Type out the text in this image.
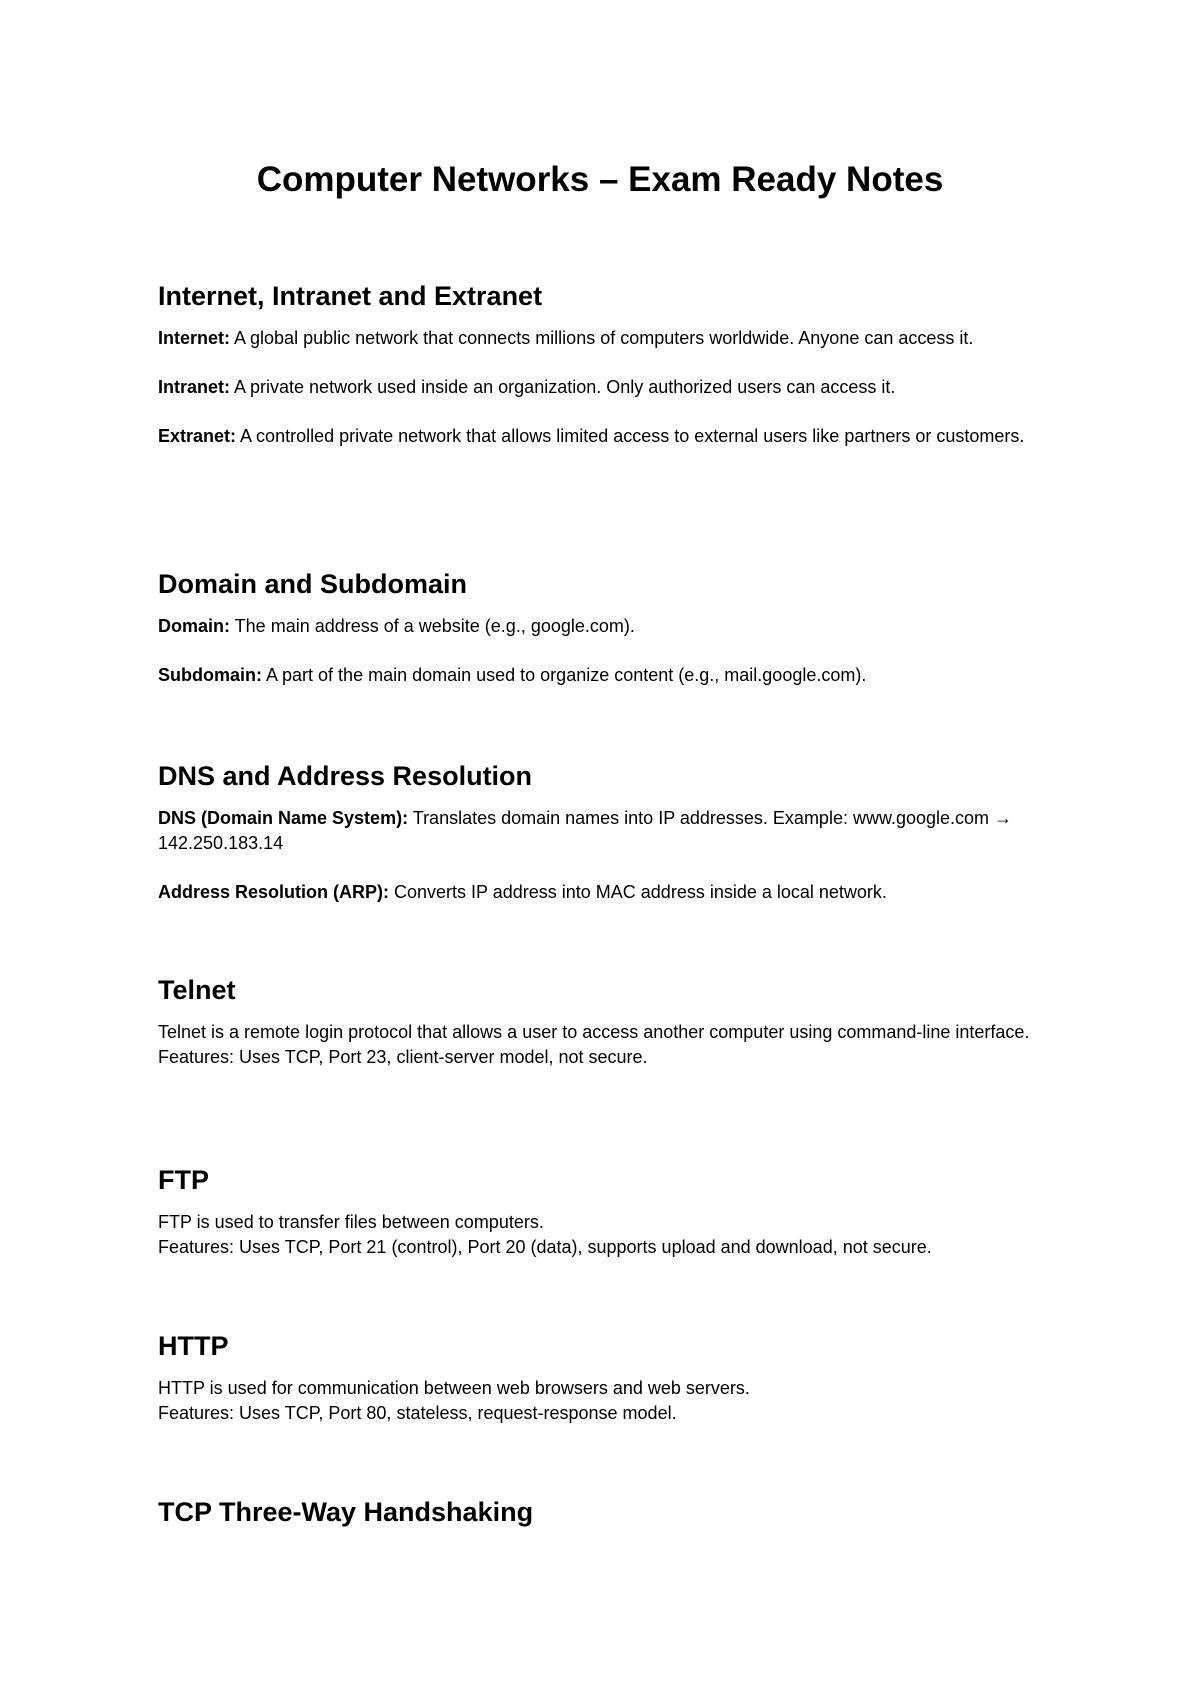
Computer Networks – Exam Ready Notes
Internet, Intranet and Extranet

Internet: A global public network that connects millions of computers worldwide. Anyone can access it.

Intranet: A private network used inside an organization. Only authorized users can access it.

Extranet: A controlled private network that allows limited access to external users like partners or customers.

Domain and Subdomain

Domain: The main address of a website (e.g., google.com).

Subdomain: A part of the main domain used to organize content (e.g., mail.google.com).

DNS and Address Resolution

DNS (Domain Name System): Translates domain names into IP addresses. Example: www.google.com → 142.250.183.14

Address Resolution (ARP): Converts IP address into MAC address inside a local network.

Telnet

Telnet is a remote login protocol that allows a user to access another computer using command-line interface.

Features: Uses TCP, Port 23, client-server model, not secure.

FTP

FTP is used to transfer files between computers.

Features: Uses TCP, Port 21 (control), Port 20 (data), supports upload and download, not secure.

HTTP

HTTP is used for communication between web browsers and web servers.

Features: Uses TCP, Port 80, stateless, request-response model.

TCP Three-Way Handshaking
